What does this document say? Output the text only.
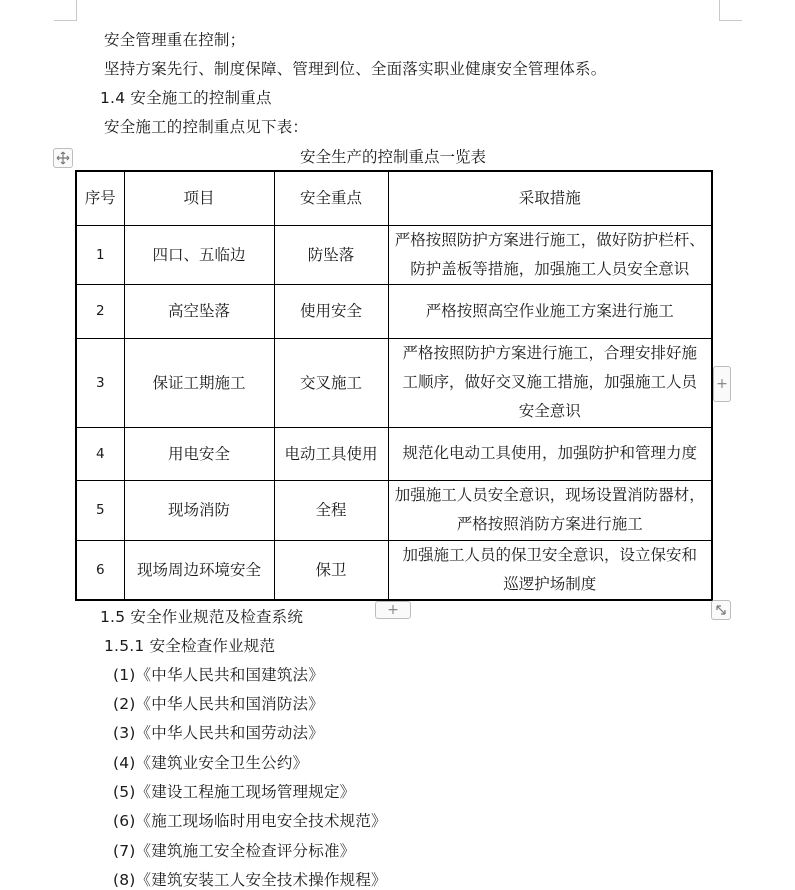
安全管理重在控制；
坚持方案先行、制度保障、管理到位、全面落实职业健康安全管理体系。
1.4 安全施工的控制重点
安全施工的控制重点见下表：
安全生产的控制重点一览表
序号	项目	安全重点	采取措施
1	四口、五临边	防坠落	严格按照防护方案进行施工，做好防护栏杆、
防护盖板等措施，加强施工人员安全意识

2	高空坠落	使用安全	严格按照高空作业施工方案进行施工

3	保证工期施工	交叉施工	严格按照防护方案进行施工，合理安排好施
工顺序，做好交叉施工措施，加强施工人员
安全意识

4	用电安全	电动工具使用	规范化电动工具使用，加强防护和管理力度

5	现场消防	全程	加强施工人员安全意识，现场设置消防器材，
严格按照消防方案进行施工

6	现场周边环境安全	保卫	加强施工人员的保卫安全意识，设立保安和
巡逻护场制度
+
+
1.5 安全作业规范及检查系统
1.5.1 安全检查作业规范
(1)《中华人民共和国建筑法》
(2)《中华人民共和国消防法》
(3)《中华人民共和国劳动法》
(4)《建筑业安全卫生公约》
(5)《建设工程施工现场管理规定》
(6)《施工现场临时用电安全技术规范》
(7)《建筑施工安全检查评分标准》
(8)《建筑安装工人安全技术操作规程》
